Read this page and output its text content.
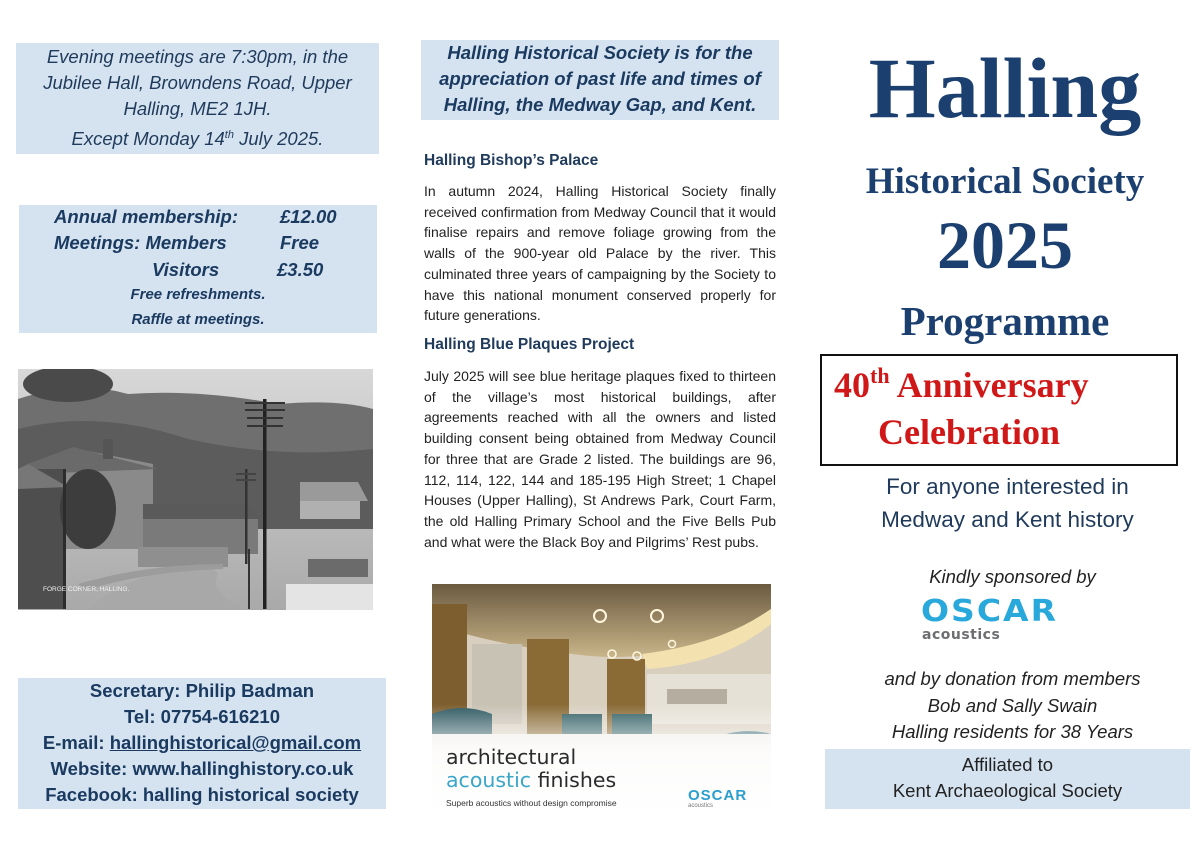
Evening meetings are 7:30pm, in the
Jubilee Hall, Browndens Road, Upper
Halling, ME2 1JH.
Except Monday 14th July 2025.
Annual membership: £12.00
Meetings: Members	Free
Visitors	£3.50
Free refreshments.
Raffle at meetings.
FORGE CORNER, HALLING.
Secretary: Philip Badman
Tel: 07754-616210
E-mail: hallinghistorical@gmail.com
Website: www.hallinghistory.co.uk
Facebook: halling historical society
Halling Historical Society is for the
appreciation of past life and times of
Halling, the Medway Gap, and Kent.
Halling Bishop’s Palace
In autumn 2024, Halling Historical Society finally received confirmation from Medway Council that it would finalise repairs and remove foliage growing from the walls of the 900-year old Palace by the river. This culminated three years of campaigning by the Society to have this national monument conserved properly for future generations.
Halling Blue Plaques Project
July 2025 will see blue heritage plaques fixed to thirteen of the village’s most historical buildings, after agreements reached with all the owners and listed building consent being obtained from Medway Council for three that are Grade 2 listed. The buildings are 96, 112, 114, 122, 144 and 185-195 High Street; 1 Chapel Houses (Upper Halling), St Andrews Park, Court Farm, the old Halling Primary School and the Five Bells Pub and what were the Black Boy and Pilgrims’ Rest pubs.
architectural
acoustic finishes
Superb acoustics without design compromise	OSCAR
acoustics
Halling
Historical Society
2025
Programme
40th Anniversary
Celebration
For anyone interested in
Medway and Kent history
Kindly sponsored by
OSCAR
acoustics
and by donation from members
Bob and Sally Swain
Halling residents for 38 Years
Affiliated to
Kent Archaeological Society
